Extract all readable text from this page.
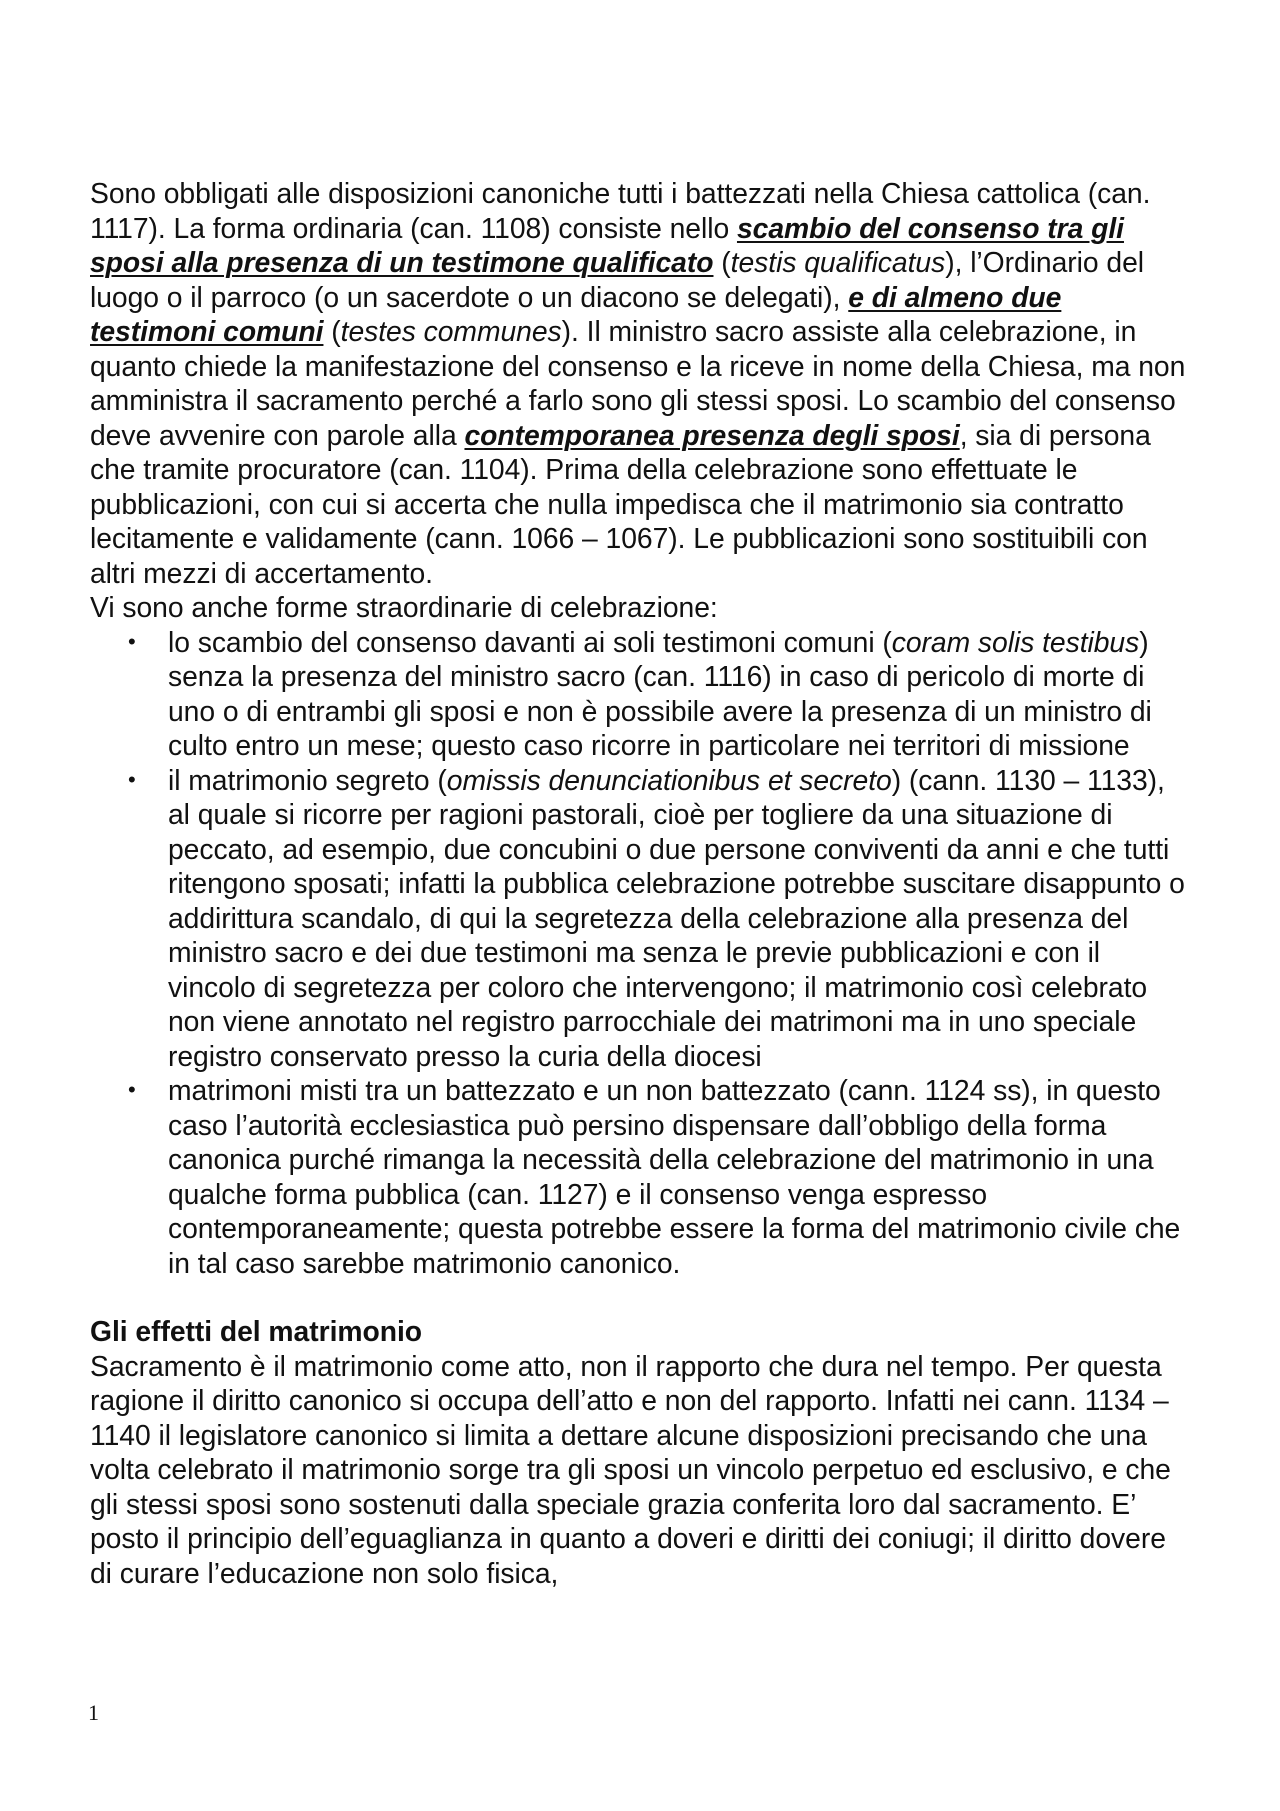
Sono obbligati alle disposizioni canoniche tutti i battezzati nella Chiesa cattolica (can. 1117). La forma ordinaria (can. 1108) consiste nello scambio del consenso tra gli sposi alla presenza di un testimone qualificato (testis qualificatus), l’Ordinario del luogo o il parroco (o un sacerdote o un diacono se delegati), e di almeno due testimoni comuni (testes communes). Il ministro sacro assiste alla celebrazione, in quanto chiede la manifestazione del consenso e la riceve in nome della Chiesa, ma non amministra il sacramento perché a farlo sono gli stessi sposi. Lo scambio del consenso deve avvenire con parole alla contemporanea presenza degli sposi, sia di persona che tramite procuratore (can. 1104). Prima della celebrazione sono effettuate le pubblicazioni, con cui si accerta che nulla impedisca che il matrimonio sia contratto lecitamente e validamente (cann. 1066 – 1067). Le pubblicazioni sono sostituibili con altri mezzi di accertamento.

Vi sono anche forme straordinarie di celebrazione:

• lo scambio del consenso davanti ai soli testimoni comuni (coram solis testibus) senza la presenza del ministro sacro (can. 1116) in caso di pericolo di morte di uno o di entrambi gli sposi e non è possibile avere la presenza di un ministro di culto entro un mese; questo caso ricorre in particolare nei territori di missione
• il matrimonio segreto (omissis denunciationibus et secreto) (cann. 1130 – 1133), al quale si ricorre per ragioni pastorali, cioè per togliere da una situazione di peccato, ad esempio, due concubini o due persone conviventi da anni e che tutti ritengono sposati; infatti la pubblica celebrazione potrebbe suscitare disappunto o addirittura scandalo, di qui la segretezza della celebrazione alla presenza del ministro sacro e dei due testimoni ma senza le previe pubblicazioni e con il vincolo di segretezza per coloro che intervengono; il matrimonio così celebrato non viene annotato nel registro parrocchiale dei matrimoni ma in uno speciale registro conservato presso la curia della diocesi
• matrimoni misti tra un battezzato e un non battezzato (cann. 1124 ss), in questo caso l’autorità ecclesiastica può persino dispensare dall’obbligo della forma canonica purché rimanga la necessità della celebrazione del matrimonio in una qualche forma pubblica (can. 1127) e il consenso venga espresso contemporaneamente; questa potrebbe essere la forma del matrimonio civile che in tal caso sarebbe matrimonio canonico.

Gli effetti del matrimonio

Sacramento è il matrimonio come atto, non il rapporto che dura nel tempo. Per questa ragione il diritto canonico si occupa dell’atto e non del rapporto. Infatti nei cann. 1134 – 1140 il legislatore canonico si limita a dettare alcune disposizioni precisando che una volta celebrato il matrimonio sorge tra gli sposi un vincolo perpetuo ed esclusivo, e che gli stessi sposi sono sostenuti dalla speciale grazia conferita loro dal sacramento. E’ posto il principio dell’eguaglianza in quanto a doveri e diritti dei coniugi; il diritto dovere di curare l’educazione non solo fisica,

1
